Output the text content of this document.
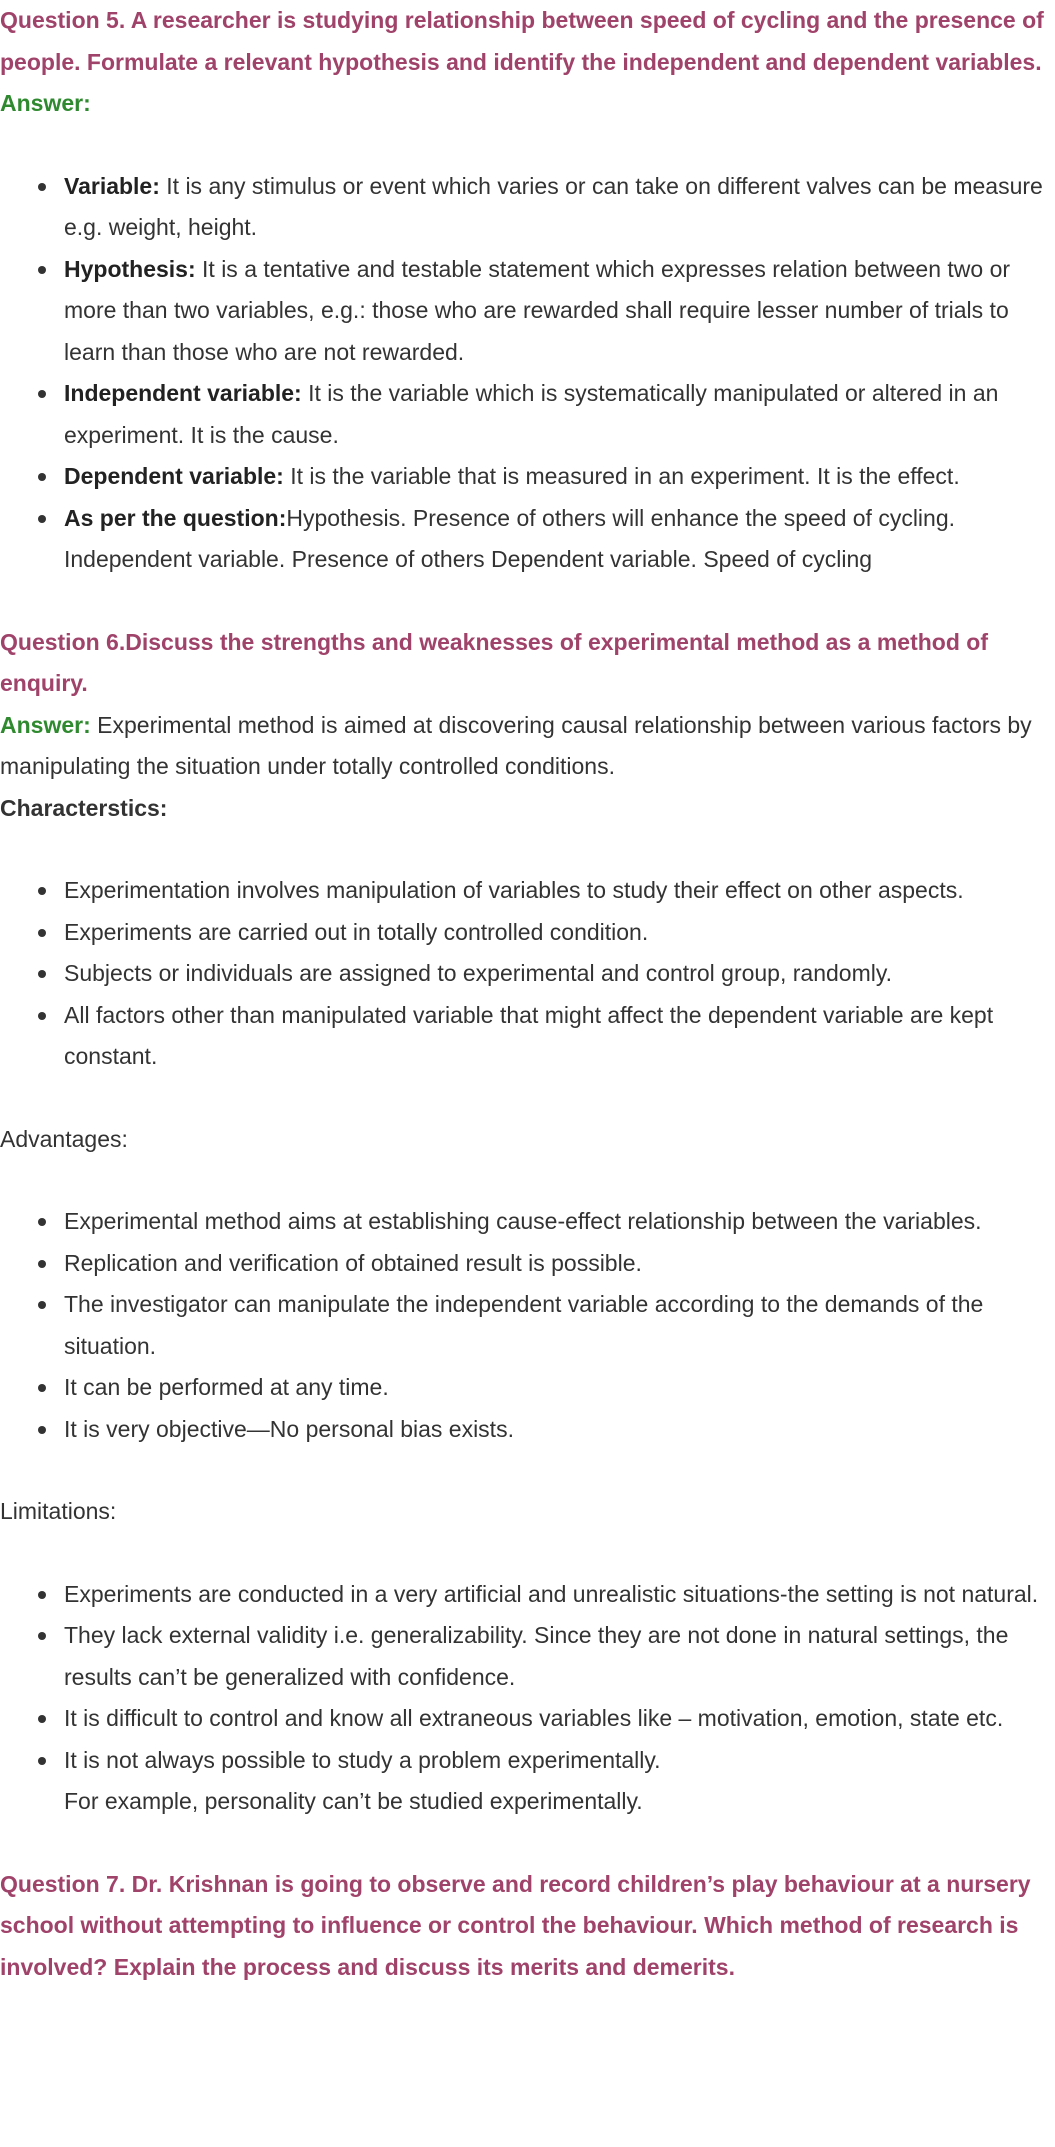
Question 5. A researcher is studying relationship between speed of cycling and the presence of people. Formulate a relevant hypothesis and identify the independent and dependent variables.

Answer:

Variable: It is any stimulus or event which varies or can take on different valves can be measure e.g. weight, height.
Hypothesis: It is a tentative and testable statement which expresses relation between two or more than two variables, e.g.: those who are rewarded shall require lesser number of trials to learn than those who are not rewarded.
Independent variable: It is the variable which is systematically manipulated or altered in an experiment. It is the cause.
Dependent variable: It is the variable that is measured in an experiment. It is the effect.
As per the question:Hypothesis. Presence of others will enhance the speed of cycling. Independent variable. Presence of others Dependent variable. Speed of cycling

Question 6.Discuss the strengths and weaknesses of experimental method as a method of enquiry.

Answer: Experimental method is aimed at discovering causal relationship between various factors by manipulating the situation under totally controlled conditions.

Characterstics:

Experimentation involves manipulation of variables to study their effect on other aspects.
Experiments are carried out in totally controlled condition.
Subjects or individuals are assigned to experimental and control group, randomly.
All factors other than manipulated variable that might affect the dependent variable are kept constant.

Advantages:

Experimental method aims at establishing cause-effect relationship between the variables.
Replication and verification of obtained result is possible.
The investigator can manipulate the independent variable according to the demands of the situation.
It can be performed at any time.
It is very objective—No personal bias exists.

Limitations:

Experiments are conducted in a very artificial and unrealistic situations-the setting is not natural.
They lack external validity i.e. generalizability. Since they are not done in natural settings, the results can’t be generalized with confidence.
It is difficult to control and know all extraneous variables like – motivation, emotion, state etc.
It is not always possible to study a problem experimentally.
For example, personality can’t be studied experimentally.

Question 7. Dr. Krishnan is going to observe and record children’s play behaviour at a nursery school without attempting to influence or control the behaviour. Which method of research is involved? Explain the process and discuss its merits and demerits.
